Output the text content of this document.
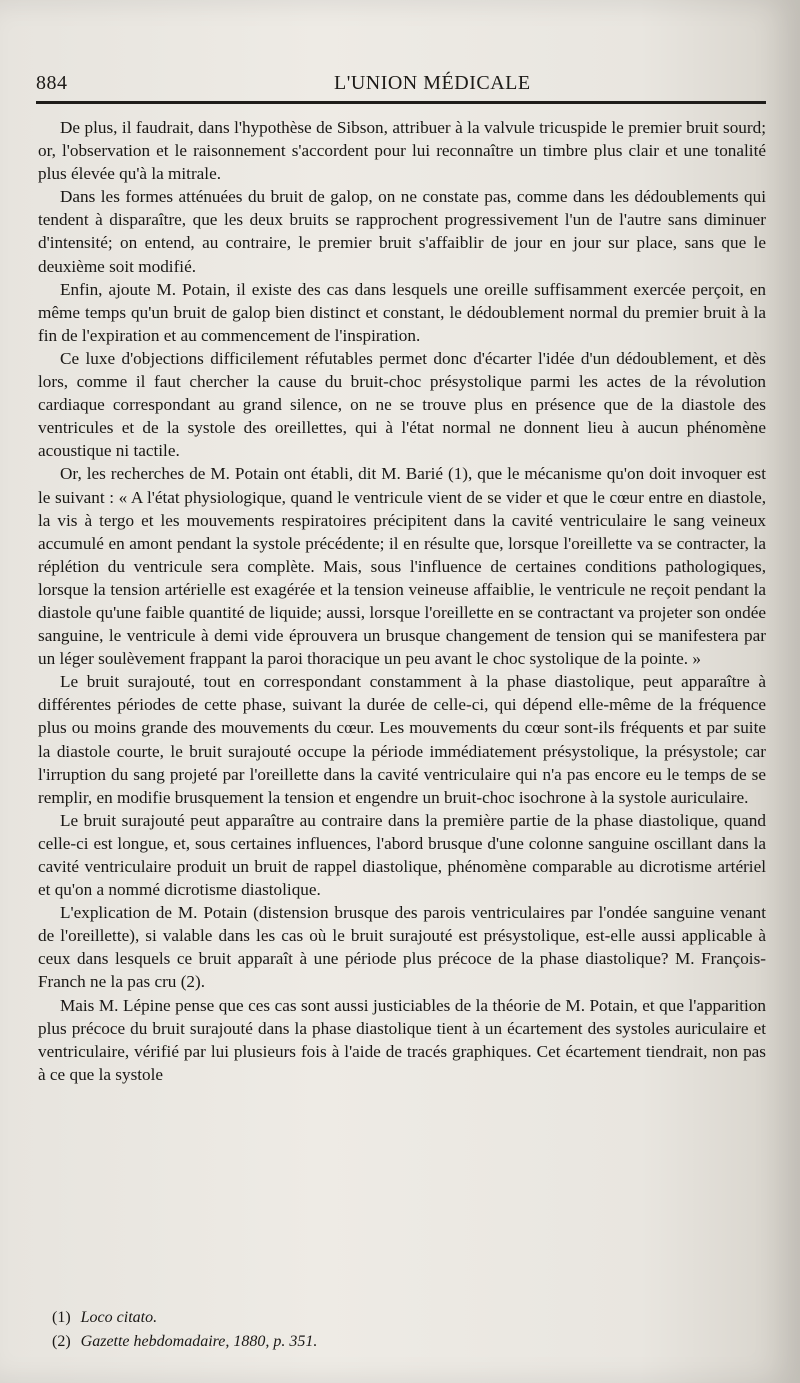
884	L'UNION MÉDICALE

De plus, il faudrait, dans l'hypothèse de Sibson, attribuer à la valvule tricuspide le premier bruit sourd; or, l'observation et le raisonnement s'accordent pour lui reconnaître un timbre plus clair et une tonalité plus élevée qu'à la mitrale.

Dans les formes atténuées du bruit de galop, on ne constate pas, comme dans les dédoublements qui tendent à disparaître, que les deux bruits se rapprochent progressivement l'un de l'autre sans diminuer d'intensité; on entend, au contraire, le premier bruit s'affaiblir de jour en jour sur place, sans que le deuxième soit modifié.

Enfin, ajoute M. Potain, il existe des cas dans lesquels une oreille suffisamment exercée perçoit, en même temps qu'un bruit de galop bien distinct et constant, le dédoublement normal du premier bruit à la fin de l'expiration et au commencement de l'inspiration.

Ce luxe d'objections difficilement réfutables permet donc d'écarter l'idée d'un dédoublement, et dès lors, comme il faut chercher la cause du bruit-choc présystolique parmi les actes de la révolution cardiaque correspondant au grand silence, on ne se trouve plus en présence que de la diastole des ventricules et de la systole des oreillettes, qui à l'état normal ne donnent lieu à aucun phénomène acoustique ni tactile.

Or, les recherches de M. Potain ont établi, dit M. Barié (1), que le mécanisme qu'on doit invoquer est le suivant : « A l'état physiologique, quand le ventricule vient de se vider et que le cœur entre en diastole, la vis à tergo et les mouvements respiratoires précipitent dans la cavité ventriculaire le sang veineux accumulé en amont pendant la systole précédente; il en résulte que, lorsque l'oreillette va se contracter, la réplétion du ventricule sera complète. Mais, sous l'influence de certaines conditions pathologiques, lorsque la tension artérielle est exagérée et la tension veineuse affaiblie, le ventricule ne reçoit pendant la diastole qu'une faible quantité de liquide; aussi, lorsque l'oreillette en se contractant va projeter son ondée sanguine, le ventricule à demi vide éprouvera un brusque changement de tension qui se manifestera par un léger soulèvement frappant la paroi thoracique un peu avant le choc systolique de la pointe. »

Le bruit surajouté, tout en correspondant constamment à la phase diastolique, peut apparaître à différentes périodes de cette phase, suivant la durée de celle-ci, qui dépend elle-même de la fréquence plus ou moins grande des mouvements du cœur. Les mouvements du cœur sont-ils fréquents et par suite la diastole courte, le bruit surajouté occupe la période immédiatement présystolique, la présystole; car l'irruption du sang projeté par l'oreillette dans la cavité ventriculaire qui n'a pas encore eu le temps de se remplir, en modifie brusquement la tension et engendre un bruit-choc isochrone à la systole auriculaire.

Le bruit surajouté peut apparaître au contraire dans la première partie de la phase diastolique, quand celle-ci est longue, et, sous certaines influences, l'abord brusque d'une colonne sanguine oscillant dans la cavité ventriculaire produit un bruit de rappel diastolique, phénomène comparable au dicrotisme artériel et qu'on a nommé dicrotisme diastolique.

L'explication de M. Potain (distension brusque des parois ventriculaires par l'ondée sanguine venant de l'oreillette), si valable dans les cas où le bruit surajouté est présystolique, est-elle aussi applicable à ceux dans lesquels ce bruit apparaît à une période plus précoce de la phase diastolique? M. François-Franch ne la pas cru (2).

Mais M. Lépine pense que ces cas sont aussi justiciables de la théorie de M. Potain, et que l'apparition plus précoce du bruit surajouté dans la phase diastolique tient à un écartement des systoles auriculaire et ventriculaire, vérifié par lui plusieurs fois à l'aide de tracés graphiques. Cet écartement tiendrait, non pas à ce que la systole

(1) Loco citato.

(2) Gazette hebdomadaire, 1880, p. 351.
